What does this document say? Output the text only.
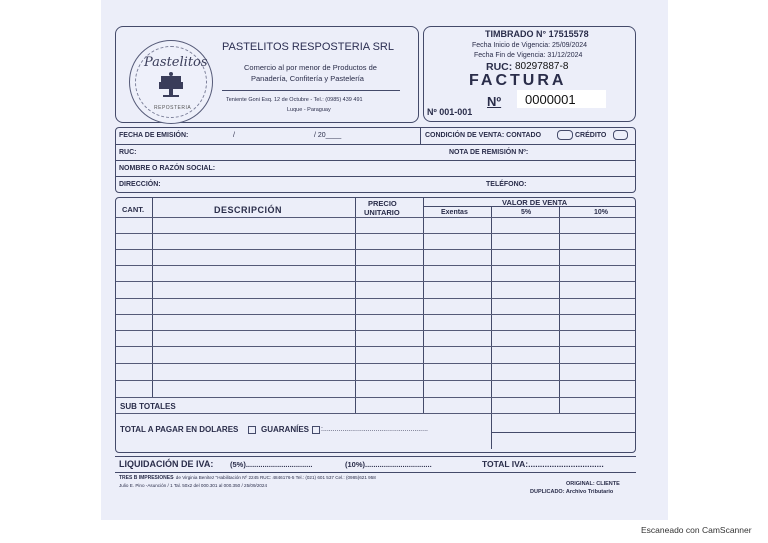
Pastelitos
REPOSTERIA
PASTELITOS RESPOSTERIA SRL
Comercio al por menor de Productos de
Panadería, Confitería y Pastelería
Teniente Goni Esq. 12 de Octubre - Tel.: (0985) 439 491
Luque - Paraguay
TIMBRADO N° 17515578
Fecha Inicio de Vigencia: 25/09/2024
Fecha Fin de Vigencia: 31/12/2024
RUC: 80297887-8
FACTURA
Nº 0000001
Nº 001-001
FECHA DE EMISIÓN:	/	/ 20____	CONDICIÓN DE VENTA: CONTADO	CRÉDITO
RUC:	NOTA DE REMISIÓN Nº:
NOMBRE O RAZÓN SOCIAL:
DIRECCIÓN:	TELÉFONO:
CANT.	DESCRIPCIÓN
PRECIO
UNITARIO
VALOR DE VENTA
Exentas	5%	10%
SUB TOTALES
TOTAL A PAGAR EN DOLARES	GUARANÍES :......................................................
LIQUIDACIÓN DE IVA: (5%)................................	(10%)................................	TOTAL IVA:................................
TRES B IMPRESIONES · de Virginia Benítez "Habilitación Nº 2245 RUC: 4846176-5 Tel.: (021) 601 537 Cel.: (0985)621 958
Julio E. Pino -Asunción / 1 Tal. 50x2 del 000.301 al 000.350 / 25/09/2024	ORIGINAL: CLIENTE
DUPLICADO: Archivo Tributario
Escaneado con CamScanner
